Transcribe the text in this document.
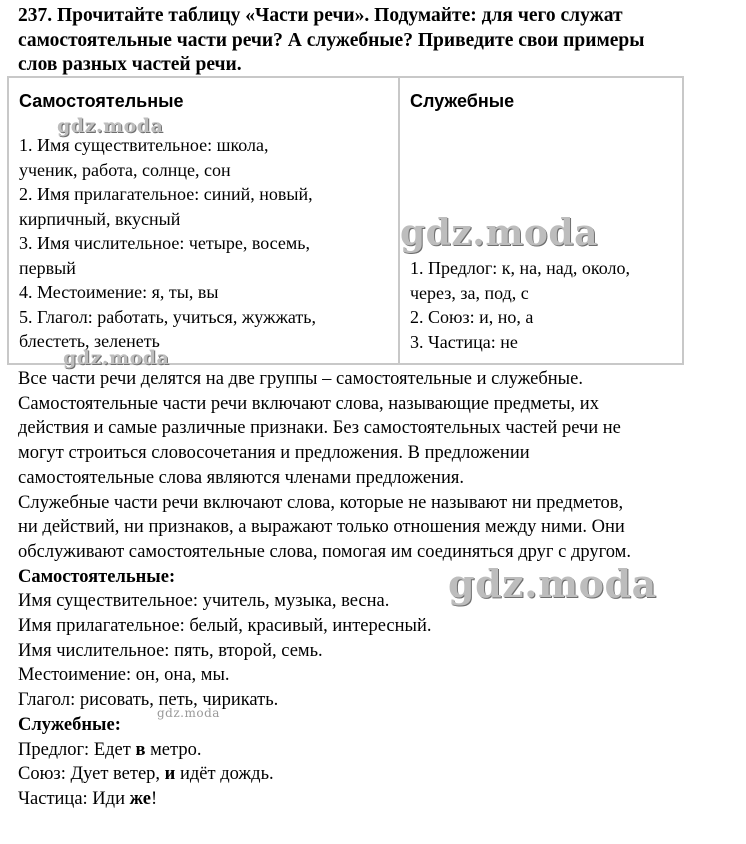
237. Прочитайте таблицу «Части речи». Подумайте: для чего служат
самостоятельные части речи? А служебные? Приведите свои примеры
слов разных частей речи.
Самостоятельные
1. Имя существительное: школа,
ученик, работа, солнце, сон
2. Имя прилагательное: синий, новый,
кирпичный, вкусный
3. Имя числительное: четыре, восемь,
первый
4. Местоимение: я, ты, вы
5. Глагол: работать, учиться, жужжать,
блестеть, зеленеть

Служебные
1. Предлог: к, на, над, около,
через, за, под, с
2. Союз: и, но, а
3. Частица: не
Все части речи делятся на две группы – самостоятельные и служебные.
Самостоятельные части речи включают слова, называющие предметы, их
действия и самые различные признаки. Без самостоятельных частей речи не
могут строиться словосочетания и предложения. В предложении
самостоятельные слова являются членами предложения.
Служебные части речи включают слова, которые не называют ни предметов,
ни действий, ни признаков, а выражают только отношения между ними. Они
обслуживают самостоятельные слова, помогая им соединяться друг с другом.
Самостоятельные:
Имя существительное: учитель, музыка, весна.
Имя прилагательное: белый, красивый, интересный.
Имя числительное: пять, второй, семь.
Местоимение: он, она, мы.
Глагол: рисовать, петь, чирикать.
Служебные:
Предлог: Едет в метро.
Союз: Дует ветер, и идёт дождь.
Частица: Иди же!
gdz.moda
gdz.moda
gdz.moda
gdz.moda
gdz.moda
